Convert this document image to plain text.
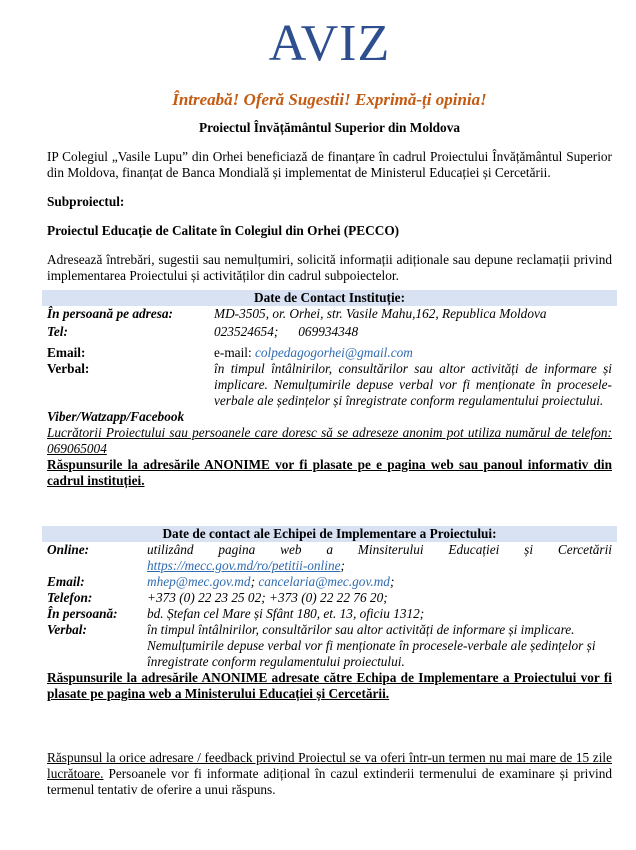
AVIZ
Întreabă! Oferă Sugestii! Exprimă-ți opinia!
Proiectul Învățământul Superior din Moldova
IP Colegiul „Vasile Lupu” din Orhei beneficiază de finanțare în cadrul Proiectului Învățământul Superior din Moldova, finanțat de Banca Mondială și implementat de Ministerul Educației și Cercetării.
Subproiectul:
Proiectul Educație de Calitate în Colegiul din Orhei (PECCO)
Adresează întrebări, sugestii sau nemulțumiri, solicită informații adiționale sau depune reclamații privind implementarea Proiectului și activităților din cadrul subpoiectelor.
Date de Contact Instituție:
În persoană pe adresa:	MD-3505, or. Orhei, str. Vasile Mahu,162, Republica Moldova
Tel:	023524654; 069934348
Email:	e-mail: colpedagogorhei@gmail.com
Verbal:	în timpul întâlnirilor, consultărilor sau altor activități de informare și implicare. Nemulțumirile depuse verbal vor fi menționate în procesele-verbale ale ședințelor și înregistrate conform regulamentului proiectului.
Viber/Watzapp/Facebook
Lucrătorii Proiectului sau persoanele care doresc să se adreseze anonim pot utiliza numărul de telefon: 069065004
Răspunsurile la adresările ANONIME vor fi plasate pe e pagina web sau panoul informativ din cadrul instituției.
Date de contact ale Echipei de Implementare a Proiectului:
Online:	utilizând pagina web a Minsiterului Educației și Cercetării
https://mecc.gov.md/ro/petitii-online;
Email:	mhep@mec.gov.md; cancelaria@mec.gov.md;
Telefon:	+373 (0) 22 23 25 02; +373 (0) 22 22 76 20;
În persoană:	bd. Ștefan cel Mare și Sfânt 180, et. 13, oficiu 1312;
Verbal:	în timpul întâlnirilor, consultărilor sau altor activități de informare și implicare. Nemulțumirile depuse verbal vor fi menționate în procesele-verbale ale ședințelor și înregistrate conform regulamentului proiectului.
Răspunsurile la adresările ANONIME adresate către Echipa de Implementare a Proiectului vor fi plasate pe pagina web a Ministerului Educației și Cercetării.
Răspunsul la orice adresare / feedback privind Proiectul se va oferi într-un termen nu mai mare de 15 zile lucrătoare. Persoanele vor fi informate adițional în cazul extinderii termenului de examinare și privind termenul tentativ de oferire a unui răspuns.
